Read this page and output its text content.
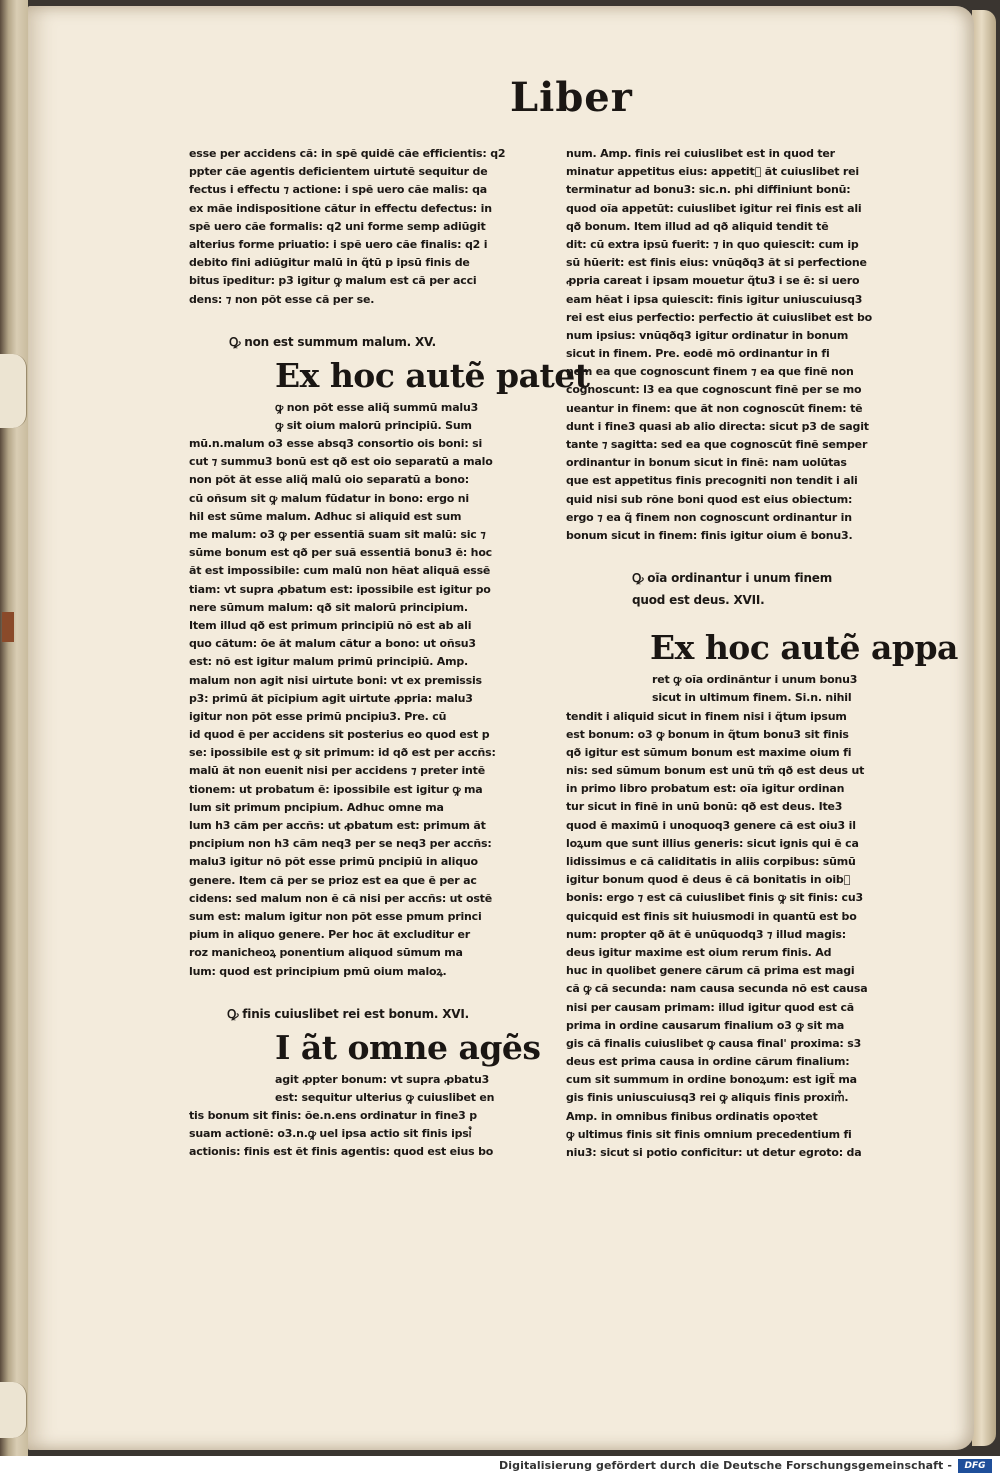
Liber
esse per accidens cã: in spẽ quidẽ cãe efficientis: q2
ppter cãe agentis deficientem uirtutẽ sequitur de
fectus i effectu ⁊ actione: i spẽ uero cãe malis: qa
ex mãe indispositione cãtur in effectu defectus: in
spẽ uero cãe formalis: q2 uni forme semp adiūgit
alterius forme priuatio: i spẽ uero cãe finalis: q2 i
debito fini adiūgitur malū in q̃tū p ipsū finis de
bitus ĩpeditur: p3 igitur ꝙ malum est cã per acci
dens: ⁊ non põt esse cã per se.
Ꝙ non est summum malum. XV.
Ex hoc autẽ patet
ꝙ non põt esse aliq̃ summū malu3
ꝙ sit oium malorū principiū. Sum
mū.n.malum o3 esse absq3 consortio ois boni: si
cut ⁊ summu3 bonū est qð est oio separatū a malo
non põt ãt esse aliq̃ malū oio separatū a bono:
cū oñsum sit ꝙ malum fūdatur in bono: ergo ni
hil est sūme malum. Adhuc si aliquid est sum
me malum: o3 ꝙ per essentiã suam sit malū: sic ⁊
sūme bonum est qð per suã essentiã bonu3 ẽ: hoc
ãt est impossibile: cum malū non hẽat aliquã essẽ
tiam: vt supra ꝓbatum est: ipossibile est igitur po
nere sūmum malum: qð sit malorū principium.
Item illud qð est primum principiū nõ est ab ali
quo cãtum: õe ãt malum cãtur a bono: ut oñsu3
est: nõ est igitur malum primū principiū. Amp.
malum non agit nisi uirtute boni: vt ex premissis
p3: primū ãt pĩcipium agit uirtute ꝓpria: malu3
igitur non põt esse primū pncipiu3. Pre. cū
id quod ẽ per accidens sit posterius eo quod est p
se: ipossibile est ꝙ sit primum: id qð est per accñs:
malū ãt non euenit nisi per accidens ⁊ preter intẽ
tionem: ut probatum ẽ: ipossibile est igitur ꝙ ma
lum sit primum pncipium. Adhuc omne ma
lum h3 cãm per accñs: ut ꝓbatum est: primum ãt
pncipium non h3 cãm neq3 per se neq3 per accñs:
malu3 igitur nõ põt esse primū pncipiū in aliquo
genere. Item cã per se prioz est ea que ẽ per ac
cidens: sed malum non ẽ cã nisi per accñs: ut ostẽ
sum est: malum igitur non põt esse pmum princi
pium in aliquo genere. Per hoc ãt excluditur er
roz manicheoꝝ ponentium aliquod sūmum ma
lum: quod est principium pmū oium maloꝝ.
Ꝙ finis cuiuslibet rei est bonum. XVI.
I ãt omne agẽs
agit ꝓpter bonum: vt supra ꝓbatu3
est: sequitur ulterius ꝙ cuiuslibet en
tis bonum sit finis: õe.n.ens ordinatur in fine3 p
suam actionẽ: o3.n.ꝙ uel ipsa actio sit finis ipsi᷒
actionis: finis est ẽt finis agentis: quod est eius bo
num. Amp. finis rei cuiuslibet est in quod ter
minatur appetitus eius: appetit᷒ ãt cuiuslibet rei
terminatur ad bonu3: sic.n. phi diffiniunt bonū:
quod oĩa appetūt: cuiuslibet igitur rei finis est ali
qð bonum. Item illud ad qð aliquid tendit tẽ
dit: cū extra ipsū fuerit: ⁊ in quo quiescit: cum ip
sū hūerit: est finis eius: vnūqðq3 ãt si perfectione
ꝓpria careat i ipsam mouetur q̃tu3 i se ẽ: si uero
eam hẽat i ipsa quiescit: finis igitur uniuscuiusq3
rei est eius perfectio: perfectio ãt cuiuslibet est bo
num ipsius: vnūqðq3 igitur ordinatur in bonum
sicut in finem. Pre. eodẽ mõ ordinantur in fi
nem ea que cognoscunt finem ⁊ ea que finẽ non
cognoscunt: l3 ea que cognoscunt finẽ per se mo
ueantur in finem: que ãt non cognoscūt finem: tẽ
dunt i fine3 quasi ab alio directa: sicut p3 de sagit
tante ⁊ sagitta: sed ea que cognoscūt finẽ semper
ordinantur in bonum sicut in finẽ: nam uolūtas
que est appetitus finis precogniti non tendit i ali
quid nisi sub rõne boni quod est eius obiectum:
ergo ⁊ ea q̃ finem non cognoscunt ordinantur in
bonum sicut in finem: finis igitur oium ẽ bonu3.
Ꝙ oĩa ordinantur i unum finem
quod est deus. XVII.
Ex hoc autẽ appa
ret ꝙ oĩa ordinãntur i unum bonu3
sicut in ultimum finem. Si.n. nihil
tendit i aliquid sicut in finem nisi i q̃tum ipsum
est bonum: o3 ꝙ bonum in q̃tum bonu3 sit finis
qð igitur est sūmum bonum est maxime oium fi
nis: sed sūmum bonum est unū tm̃ qð est deus ut
in primo libro probatum est: oĩa igitur ordinan
tur sicut in finẽ in unū bonū: qð est deus. Ite3
quod ẽ maximū i unoquoq3 genere cã est oiu3 il
loꝝum que sunt illius generis: sicut ignis qui ẽ ca
lidissimus e cã caliditatis in aliis corpibus: sūmū
igitur bonum quod ẽ deus ẽ cã bonitatis in oib᷒
bonis: ergo ⁊ est cã cuiuslibet finis ꝙ sit finis: cu3
quicquid est finis sit huiusmodi in quantū est bo
num: propter qð ãt ẽ unūquodq3 ⁊ illud magis:
deus igitur maxime est oium rerum finis. Ad
huc in quolibet genere cãrum cã prima est magi
cã ꝙ cã secunda: nam causa secunda nõ est causa
nisi per causam primam: illud igitur quod est cã
prima in ordine causarum finalium o3 ꝙ sit ma
gis cã finalis cuiuslibet ꝙ causa final' proxima: s3
deus est prima causa in ordine cãrum finalium:
cum sit summum in ordine bonoꝝum: est igit̃ ma
gis finis uniuscuiusq3 rei ꝙ aliquis finis proxim᷒.
Amp. in omnibus finibus ordinatis opoꝛtet
ꝙ ultimus finis sit finis omnium precedentium fi
niu3: sicut si potio conficitur: ut detur egroto: da
Digitalisierung gefördert durch die Deutsche Forschungsgemeinschaft -	DFG
